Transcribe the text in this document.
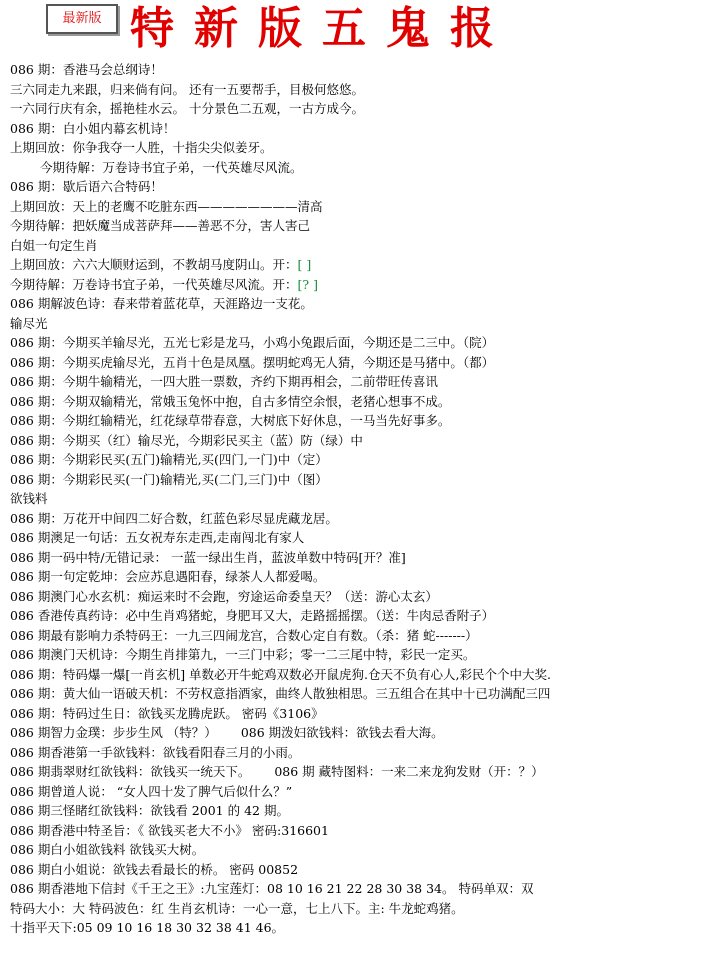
最新版 特新版五鬼报
086 期：香港马会总纲诗！
三六同走九来跟，归来倘有问。 还有一五要帮手，目极何悠悠。
一六同行庆有余，摇艳桂水云。 十分景色二五观，一古方成今。
086 期：白小姐内幕玄机诗！
上期回放：你争我夺一人胜，十指尖尖似姜牙。
今期待解：万卷诗书宜子弟，一代英雄尽风流。
086 期：歇后语六合特码！
上期回放：天上的老鹰不吃脏东西————————清高
今期待解：把妖魔当成菩萨拜——善恶不分，害人害己
白姐一句定生肖
上期回放：六六大顺财运到，不教胡马度阴山。开：[ ]
今期待解：万卷诗书宜子弟，一代英雄尽风流。开：[? ]
086 期解波色诗：春来带着蓝花草，天涯路边一支花。
输尽光
086 期：今期买羊输尽光，五光七彩是龙马，小鸡小兔跟后面，今期还是二三中。（院）
086 期：今期买虎输尽光，五肖十色是凤凰。摆明蛇鸡无人猜，今期还是马猪中。（都）
086 期：今期牛输精光，一四大胜一票数，齐约下期再相会，二前带旺传喜讯
086 期：今期双输精光，常娥玉兔怀中抱，自古多情空余恨，老猪心想事不成。
086 期：今期红输精光，红花绿草带春意，大树底下好休息，一马当先好事多。
086 期：今期买（红）输尽光，今期彩民买主（蓝）防（绿）中
086 期：今期彩民买(五门)输精光,买(四门,一门)中（定）
086 期：今期彩民买(一门)输精光,买(二门,三门)中（图）
欲钱料
086 期：万花开中间四二好合数，红蓝色彩尽显虎藏龙居。
086 期澳足一句话：五女祝寿东走西,走南闯北有家人
086 期一码中特/无错记录： 一蓝一绿出生肖，蓝波单数中特码[开？准]
086 期一句定乾坤：会应苏息遇阳春，绿茶人人都爱喝。
086 期澳门心水玄机：痴运来时不会跑，穷途运命委皇天？（送：游心太玄）
086 香港传真药诗：必中生肖鸡猪蛇，身肥耳又大，走路摇摇摆。（送：牛肉忌香附子）
086 期最有影响力杀特码王：一九三四闹龙宫，合数心定自有数。（杀：猪 蛇-------）
086 期澳门天机诗：今期生肖排第九，一三门中彩；零一二三尾中特，彩民一定买。
086 期：特码爆一爆[一肖玄机] 单数必开牛蛇鸡双数必开鼠虎狗.仓天不负有心人,彩民个个中大奖.
086 期：黄大仙一语破天机：不劳权意指酒家，曲终人散独相思。三五组合在其中十已功满配三四
086 期：特码过生日：欲钱买龙腾虎跃。 密码《3106》
086 期智力金璞：步步生风 （特？） 086 期泼妇欲钱料：欲钱去看大海。
086 期香港第一手欲钱料：欲钱看阳春三月的小雨。
086 期翡翠财红欲钱料：欲钱买一统天下。 086 期 藏特图料：一来二来龙狗发财（开：？）
086 期曾道人说： “女人四十发了脾气后似什么？”
086 期三怪睹红欲钱料：欲钱看 2001 的 42 期。
086 期香港中特圣旨：《 欲钱买老大不小》 密码:316601
086 期白小姐欲钱料 欲钱买大树。
086 期白小姐说：欲钱去看最长的桥。 密码 00852
086 期香港地下信封《千王之王》:九宝莲灯：08 10 16 21 22 28 30 38 34。 特码单双：双
特码大小：大 特码波色：红 生肖玄机诗：一心一意，七上八下。主: 牛龙蛇鸡猪。
十指平天下:05 09 10 16 18 30 32 38 41 46。
